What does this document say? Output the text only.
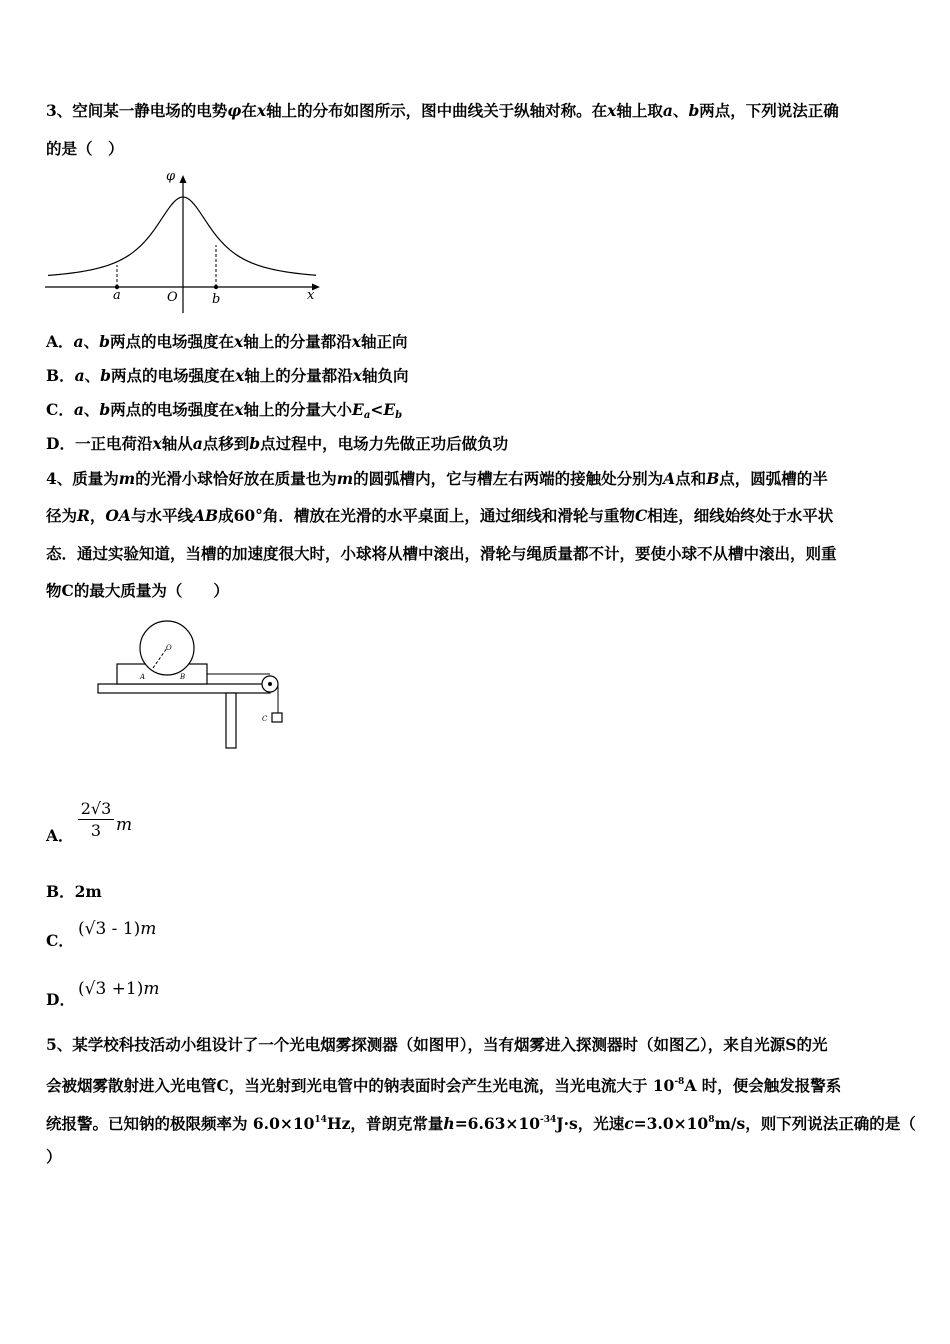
3、空间某一静电场的电势φ在x轴上的分布如图所示，图中曲线关于纵轴对称。在x轴上取a、b两点，下列说法正确
的是（　）
φ
x
O
a	b
A．a、b两点的电场强度在x轴上的分量都沿x轴正向
B．a、b两点的电场强度在x轴上的分量都沿x轴负向
C．a、b两点的电场强度在x轴上的分量大小$E_a<E_b$
D．一正电荷沿x轴从a点移到b点过程中，电场力先做正功后做负功
4、质量为m的光滑小球恰好放在质量也为m的圆弧槽内，它与槽左右两端的接触处分别为A点和B点，圆弧槽的半
径为R，OA与水平线AB成60°角．槽放在光滑的水平桌面上，通过细线和滑轮与重物C相连，细线始终处于水平状
态．通过实验知道，当槽的加速度很大时，小球将从槽中滚出，滑轮与绳质量都不计，要使小球不从槽中滚出，则重
物C的最大质量为（　　）
O
A	B
C
A．
2√3
3 m
B．2m
C．
(√3 - 1)m
D．
(√3 +1)m
5、某学校科技活动小组设计了一个光电烟雾探测器（如图甲），当有烟雾进入探测器时（如图乙），来自光源S的光
会被烟雾散射进入光电管C，当光射到光电管中的钠表面时会产生光电流，当光电流大于 $10^{-8}A$ 时，便会触发报警系
统报警。已知钠的极限频率为 $6.0\times 10^{14}Hz$，普朗克常量$h=6.63\times 10^{-34}J\cdot s$，光速$c=3.0\times 10^8m/s$，则下列说法正确的是（
）
